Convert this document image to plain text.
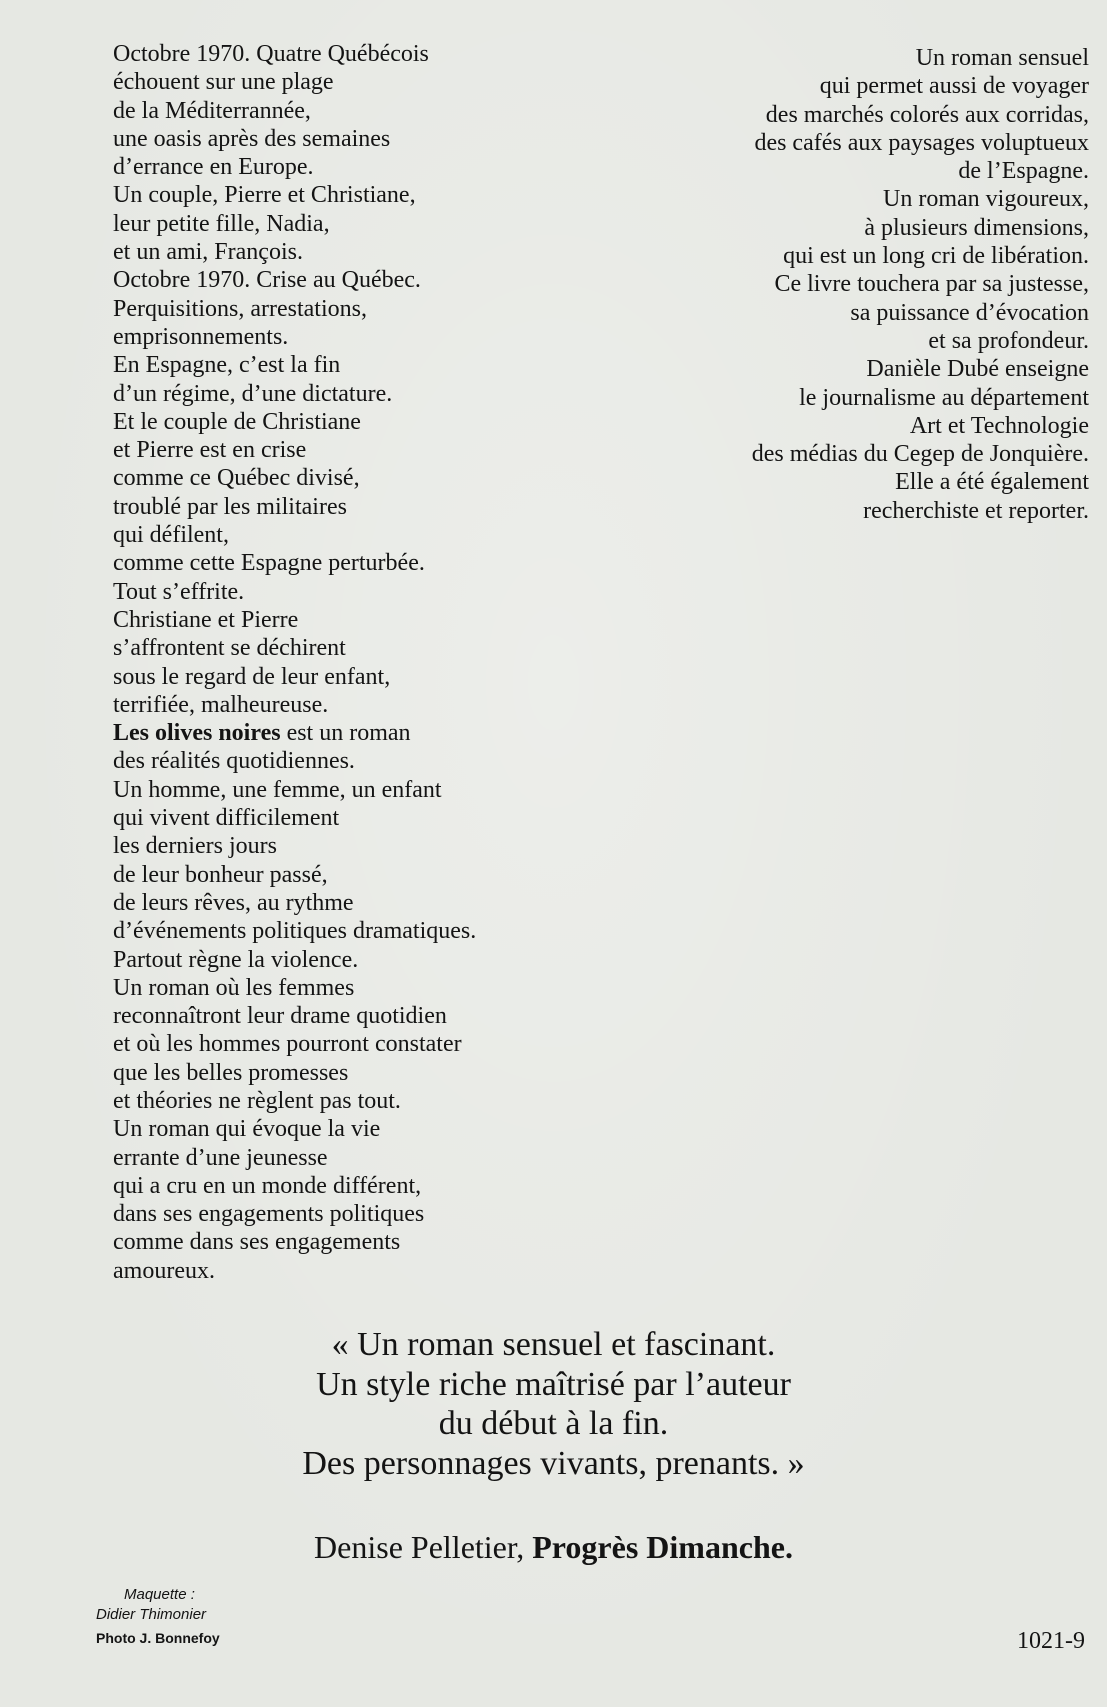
Octobre 1970. Quatre Québécois
échouent sur une plage
de la Méditerrannée,
une oasis après des semaines
d’errance en Europe.
Un couple, Pierre et Christiane,
leur petite fille, Nadia,
et un ami, François.
Octobre 1970. Crise au Québec.
Perquisitions, arrestations,
emprisonnements.
En Espagne, c’est la fin
d’un régime, d’une dictature.
Et le couple de Christiane
et Pierre est en crise
comme ce Québec divisé,
troublé par les militaires
qui défilent,
comme cette Espagne perturbée.
Tout s’effrite.
Christiane et Pierre
s’affrontent se déchirent
sous le regard de leur enfant,
terrifiée, malheureuse.
Les olives noires est un roman
des réalités quotidiennes.
Un homme, une femme, un enfant
qui vivent difficilement
les derniers jours
de leur bonheur passé,
de leurs rêves, au rythme
d’événements politiques dramatiques.
Partout règne la violence.
Un roman où les femmes
reconnaîtront leur drame quotidien
et où les hommes pourront constater
que les belles promesses
et théories ne règlent pas tout.
Un roman qui évoque la vie
errante d’une jeunesse
qui a cru en un monde différent,
dans ses engagements politiques
comme dans ses engagements
amoureux.
Un roman sensuel
qui permet aussi de voyager
des marchés colorés aux corridas,
des cafés aux paysages voluptueux
de l’Espagne.
Un roman vigoureux,
à plusieurs dimensions,
qui est un long cri de libération.
Ce livre touchera par sa justesse,
sa puissance d’évocation
et sa profondeur.
Danièle Dubé enseigne
le journalisme au département
Art et Technologie
des médias du Cegep de Jonquière.
Elle a été également
recherchiste et reporter.
« Un roman sensuel et fascinant.
Un style riche maîtrisé par l’auteur
du début à la fin.
Des personnages vivants, prenants. »
Denise Pelletier, Progrès Dimanche.
Maquette :
Didier Thimonier
Photo J. Bonnefoy	1021-9
